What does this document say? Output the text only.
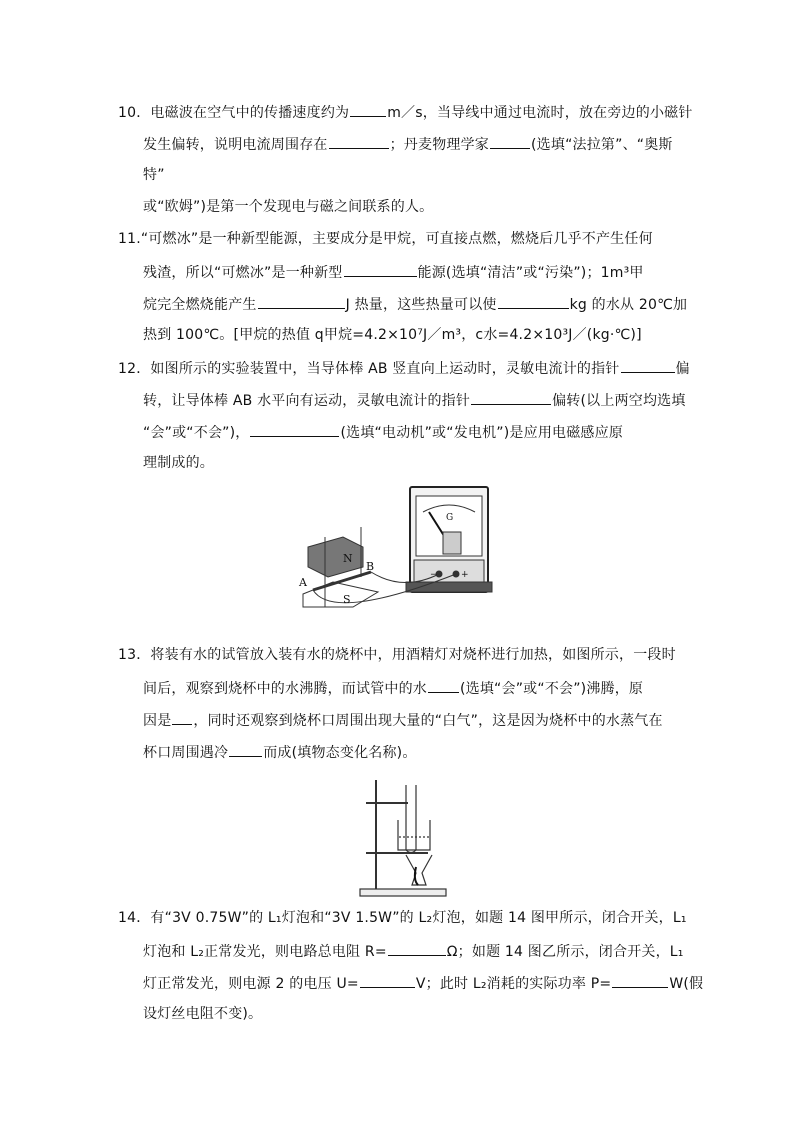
10．电磁波在空气中的传播速度约为	m／s，当导线中通过电流时，放在旁边的小磁针
发生偏转，说明电流周围存在	；丹麦物理学家	(选填“法拉第”、“奥斯
特”
或“欧姆”)是第一个发现电与磁之间联系的人。
11.“可燃冰”是一种新型能源，主要成分是甲烷，可直接点燃，燃烧后几乎不产生任何
残渣，所以“可燃冰”是一种新型	能源(选填“清洁”或“污染”)；1m³甲
烷完全燃烧能产生	J 热量，这些热量可以使	kg 的水从 20℃加
热到 100℃。[甲烷的热值 q甲烷=4.2×10⁷J／m³，c水=4.2×10³J／(kg·℃)]
12．如图所示的实验装置中，当导体棒 AB 竖直向上运动时，灵敏电流计的指针	偏
转，让导体棒 AB 水平向有运动，灵敏电流计的指针	偏转(以上两空均选填
“会”或“不会”)，	(选填“电动机”或“发电机”)是应用电磁感应原
理制成的。
13．将装有水的试管放入装有水的烧杯中，用酒精灯对烧杯进行加热，如图所示，一段时
间后，观察到烧杯中的水沸腾，而试管中的水 (选填“会”或“不会”)沸腾，原
因是 ，同时还观察到烧杯口周围出现大量的“白气”，这是因为烧杯中的水蒸气在
杯口周围遇冷	而成(填物态变化名称)。
14．有“3V 0.75W”的 L₁灯泡和“3V 1.5W”的 L₂灯泡，如题 14 图甲所示，闭合开关，L₁
灯泡和 L₂正常发光，则电路总电阻 R=	Ω；如题 14 图乙所示，闭合开关，L₁
灯正常发光，则电源 2 的电压 U=	V；此时 L₂消耗的实际功率 P=	W(假
设灯丝电阻不变)。
N
S
A
B
G
−	+
